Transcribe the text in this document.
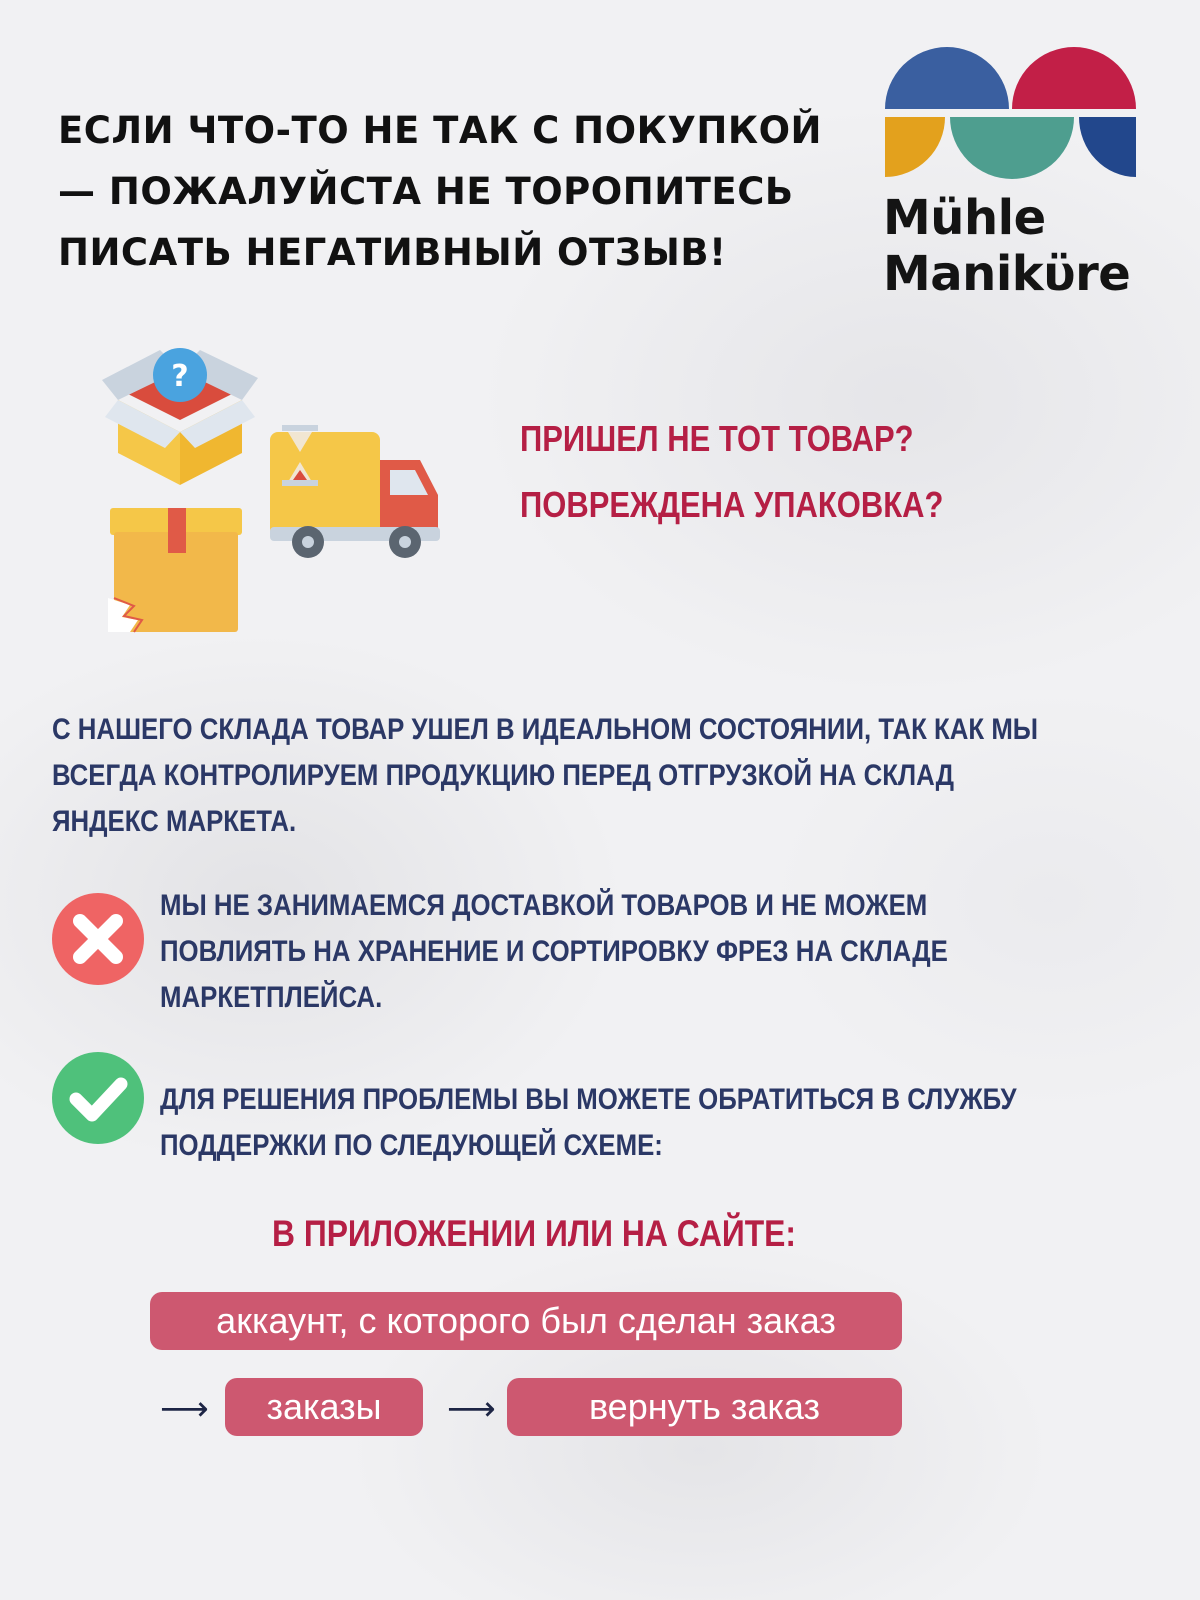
ЕСЛИ ЧТО-ТО НЕ ТАК С ПОКУПКОЙ
— ПОЖАЛУЙСТА НЕ ТОРОПИТЕСЬ
ПИСАТЬ НЕГАТИВНЫЙ ОТЗЫВ!
Mühle
Manikϋre
?
ПРИШЕЛ НЕ ТОТ ТОВАР?
ПОВРЕЖДЕНА УПАКОВКА?
С НАШЕГО СКЛАДА ТОВАР УШЕЛ В ИДЕАЛЬНОМ СОСТОЯНИИ, ТАК КАК МЫ
ВСЕГДА КОНТРОЛИРУЕМ ПРОДУКЦИЮ ПЕРЕД ОТГРУЗКОЙ НА СКЛАД
ЯНДЕКС МАРКЕТА.
МЫ НЕ ЗАНИМАЕМСЯ ДОСТАВКОЙ ТОВАРОВ И НЕ МОЖЕМ
ПОВЛИЯТЬ НА ХРАНЕНИЕ И СОРТИРОВКУ ФРЕЗ НА СКЛАДЕ
МАРКЕТПЛЕЙСА.
ДЛЯ РЕШЕНИЯ ПРОБЛЕМЫ ВЫ МОЖЕТЕ ОБРАТИТЬСЯ В СЛУЖБУ
ПОДДЕРЖКИ ПО СЛЕДУЮЩЕЙ СХЕМЕ:
В ПРИЛОЖЕНИИ ИЛИ НА САЙТЕ:
аккаунт, с которого был сделан заказ
⟶	заказы	⟶	вернуть заказ
